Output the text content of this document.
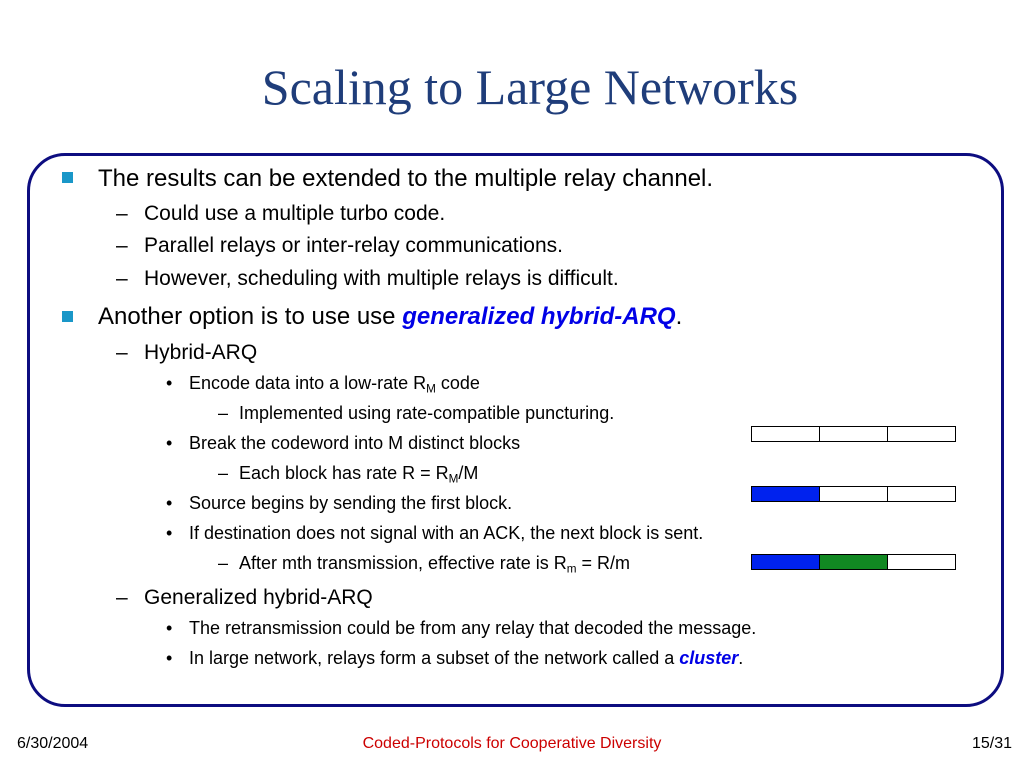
Scaling to Large Networks
The results can be extended to the multiple relay channel.
– Could use a multiple turbo code.
– Parallel relays or inter-relay communications.
– However, scheduling with multiple relays is difficult.
Another option is to use use generalized hybrid-ARQ.
– Hybrid-ARQ
• Encode data into a low-rate $R_M$ code
– Implemented using rate-compatible puncturing.
• Break the codeword into M distinct blocks
– Each block has rate $R = R_M/M$
• Source begins by sending the first block.
• If destination does not signal with an ACK, the next block is sent.
– After mth transmission, effective rate is $R_m = R/m$
– Generalized hybrid-ARQ
• The retransmission could be from any relay that decoded the message.
• In large network, relays form a subset of the network called a cluster.
6/30/2004	Coded-Protocols for Cooperative Diversity	15/31
